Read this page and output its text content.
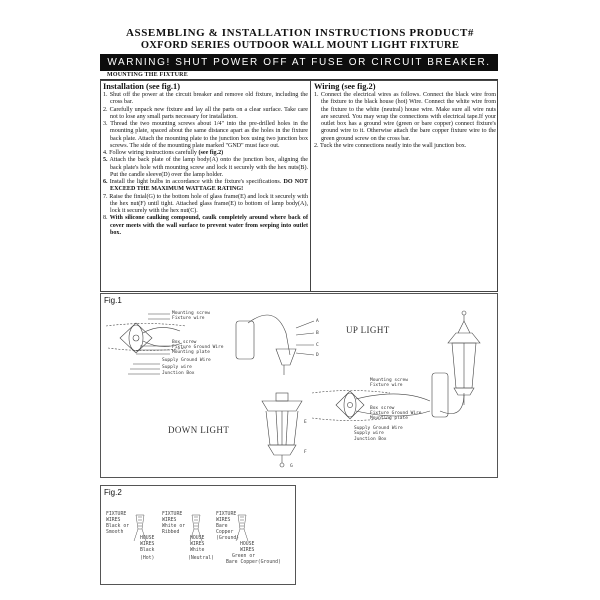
ASSEMBLING & INSTALLATION INSTRUCTIONS PRODUCT#
OXFORD SERIES OUTDOOR WALL MOUNT LIGHT FIXTURE
WARNING! SHUT POWER OFF AT FUSE OR CIRCUIT BREAKER.
MOUNTING THE FIXTURE
Installation (see fig.1)
1. Shut off the power at the circuit breaker and remove old fixture, including the cross bar.
2. Carefully unpack new fixture and lay all the parts on a clear surface. Take care not to lose any small parts necessary for installation.
3. Thread the two mounting screws about 1/4" into the pre-drilled holes in the mounting plate, spaced about the same distance apart as the holes in the fixture back plate. Attach the mounting plate to the junction box using two junction box screws. The side of the mounting plate marked "GND" must face out.
4. Follow wiring instructions carefully (see fig.2)
5. Attach the back plate of the lamp body(A) onto the junction box, aligning the back plate's hole with mounting screw and lock it securely with the hex nuts(B). Put the candle sleeve(D) over the lamp holder.
6. Install the light bulbs in accordance with the fixture's specifications. DO NOT EXCEED THE MAXIMUM WATTAGE RATING!
7. Raise the finial(G) to the bottom hole of glass frame(E) and lock it securely with the hex nut(F) until tight. Attached glass frame(E) to bottom of lamp body(A), lock it securely with the hex nut(C).
8. With silicone caulking compound, caulk completely around where back of cover meets with the wall surface to prevent water from seeping into outlet box.
Wiring (see fig.2)
1. Connect the electrical wires as follows. Connect the black wire from the fixture to the black house (hot) Wire. Connect the white wire from the fixture to the white (neutral) house wire. Make sure all wire nuts are secured. You may wrap the connections with electrical tape.If your outlet box has a ground wire (green or bare copper) connect fixture's ground wire to it. Otherwise attach the bare copper fixture wire to the green ground screw on the cross bar.
2. Tuck the wire connections neatly into the wall junction box.
Fig.1
Mounting screw
Fixture wire
Box screw
Fixture Ground Wire
Mounting plate
Supply Ground Wire
Supply wire
Junction Box
Mounting screw
Fixture wire
Box screw
Fixture Ground Wire
Mounting plate
Supply Ground Wire
Supply wire
Junction Box
A
B
C
D
E
F
G
DOWN LIGHT
UP LIGHT
Fig.2
FIXTURE
WIRES
Black or
Smooth
HOUSE
WIRES
Black
(Hot)
FIXTURE
WIRES
White or
Ribbed
HOUSE
WIRES
White
(Neutral)
FIXTURE
WIRES
Bare
Copper
(Ground)
HOUSE
WIRES
Green or
Bare Copper(Ground)
